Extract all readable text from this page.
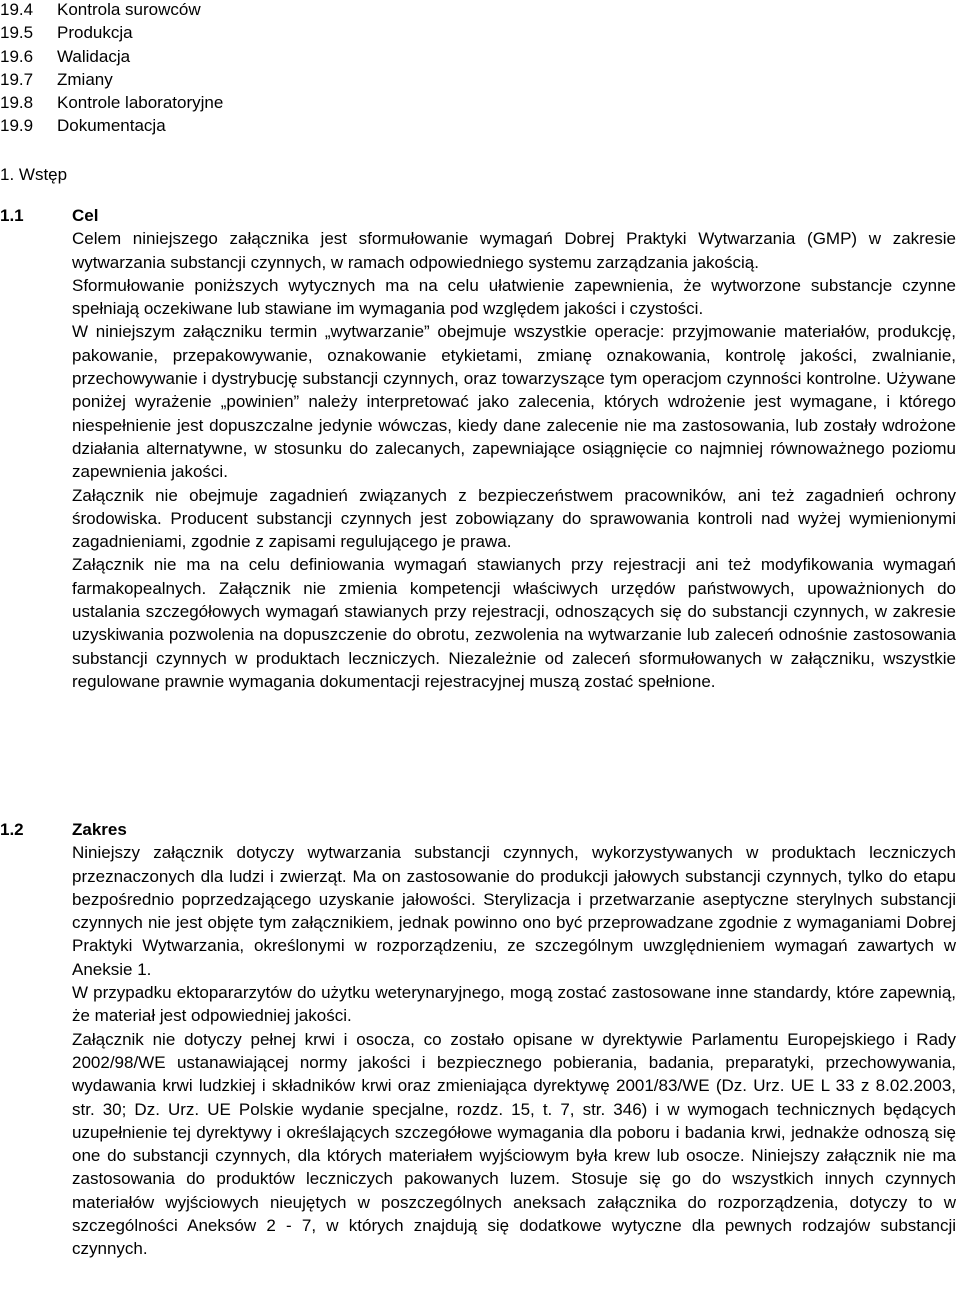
19.4 Kontrola surowców
19.5 Produkcja
19.6 Walidacja
19.7 Zmiany
19.8 Kontrole laboratoryjne
19.9 Dokumentacja
1. Wstęp
1.1	Cel

Celem niniejszego załącznika jest sformułowanie wymagań Dobrej Praktyki Wytwarzania (GMP) w zakresie wytwarzania substancji czynnych, w ramach odpowiedniego systemu zarządzania jakością.

Sformułowanie poniższych wytycznych ma na celu ułatwienie zapewnienia, że wytworzone substancje czynne spełniają oczekiwane lub stawiane im wymagania pod względem jakości i czystości.

W niniejszym załączniku termin „wytwarzanie” obejmuje wszystkie operacje: przyjmowanie materiałów, produkcję, pakowanie, przepakowywanie, oznakowanie etykietami, zmianę oznakowania, kontrolę jakości, zwalnianie, przechowywanie i dystrybucję substancji czynnych, oraz towarzyszące tym operacjom czynności kontrolne. Używane poniżej wyrażenie „powinien” należy interpretować jako zalecenia, których wdrożenie jest wymagane, i którego niespełnienie jest dopuszczalne jedynie wówczas, kiedy dane zalecenie nie ma zastosowania, lub zostały wdrożone działania alternatywne, w stosunku do zalecanych, zapewniające osiągnięcie co najmniej równoważnego poziomu zapewnienia jakości.

Załącznik nie obejmuje zagadnień związanych z bezpieczeństwem pracowników, ani też zagadnień ochrony środowiska. Producent substancji czynnych jest zobowiązany do sprawowania kontroli nad wyżej wymienionymi zagadnieniami, zgodnie z zapisami regulującego je prawa.

Załącznik nie ma na celu definiowania wymagań stawianych przy rejestracji ani też modyfikowania wymagań farmakopealnych. Załącznik nie zmienia kompetencji właściwych urzędów państwowych, upoważnionych do ustalania szczegółowych wymagań stawianych przy rejestracji, odnoszących się do substancji czynnych, w zakresie uzyskiwania pozwolenia na dopuszczenie do obrotu, zezwolenia na wytwarzanie lub zaleceń odnośnie zastosowania substancji czynnych w produktach leczniczych. Niezależnie od zaleceń sformułowanych w załączniku, wszystkie regulowane prawnie wymagania dokumentacji rejestracyjnej muszą zostać spełnione.

1.2	Zakres

Niniejszy załącznik dotyczy wytwarzania substancji czynnych, wykorzystywanych w produktach leczniczych przeznaczonych dla ludzi i zwierząt. Ma on zastosowanie do produkcji jałowych substancji czynnych, tylko do etapu bezpośrednio poprzedzającego uzyskanie jałowości. Sterylizacja i przetwarzanie aseptyczne sterylnych substancji czynnych nie jest objęte tym załącznikiem, jednak powinno ono być przeprowadzane zgodnie z wymaganiami Dobrej Praktyki Wytwarzania, określonymi w rozporządzeniu, ze szczególnym uwzględnieniem wymagań zawartych w Aneksie 1.

W przypadku ektopararzytów do użytku weterynaryjnego, mogą zostać zastosowane inne standardy, które zapewnią, że materiał jest odpowiedniej jakości.

Załącznik nie dotyczy pełnej krwi i osocza, co zostało opisane w dyrektywie Parlamentu Europejskiego i Rady 2002/98/WE ustanawiającej normy jakości i bezpiecznego pobierania, badania, preparatyki, przechowywania, wydawania krwi ludzkiej i składników krwi oraz zmieniająca dyrektywę 2001/83/WE (Dz. Urz. UE L 33 z 8.02.2003, str. 30; Dz. Urz. UE Polskie wydanie specjalne, rozdz. 15, t. 7, str. 346) i w wymogach technicznych będących uzupełnienie tej dyrektywy i określających szczegółowe wymagania dla poboru i badania krwi, jednakże odnoszą się one do substancji czynnych, dla których materiałem wyjściowym była krew lub osocze. Niniejszy załącznik nie ma zastosowania do produktów leczniczych pakowanych luzem. Stosuje się go do wszystkich innych czynnych materiałów wyjściowych nieujętych w poszczególnych aneksach załącznika do rozporządzenia, dotyczy to w szczególności Aneksów 2 - 7, w których znajdują się dodatkowe wytyczne dla pewnych rodzajów substancji czynnych.
